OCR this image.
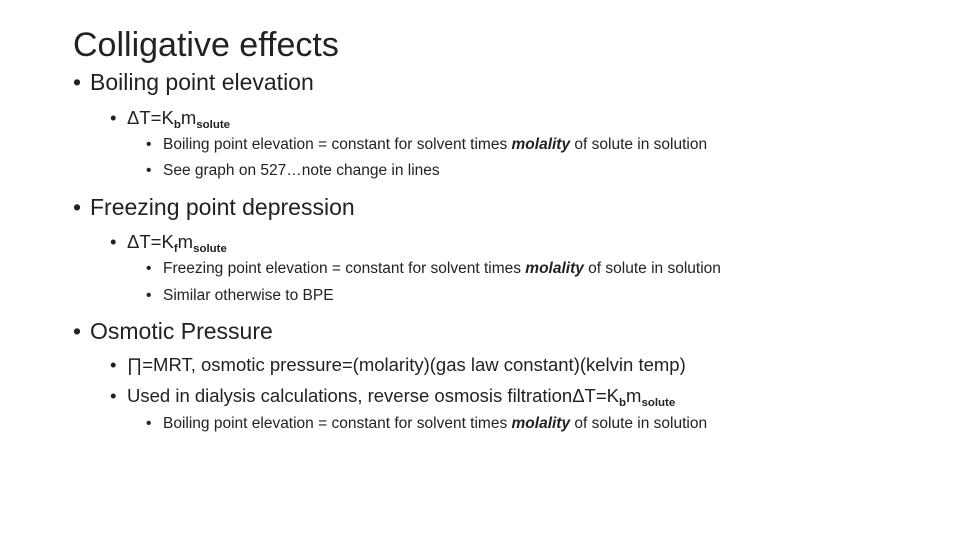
Colligative effects
• Boiling point elevation
• $\Delta T=K_bm_{solute}$
• Boiling point elevation = constant for solvent times molality of solute in solution
• See graph on 527…note change in lines
• Freezing point depression
• $\Delta T=K_fm_{solute}$
• Freezing point elevation = constant for solvent times molality of solute in solution
• Similar otherwise to BPE
• Osmotic Pressure
• ∏=MRT, osmotic pressure=(molarity)(gas law constant)(kelvin temp)
• Used in dialysis calculations, reverse osmosis $filtration\Delta T=K_bm_{solute}$
• Boiling point elevation = constant for solvent times molality of solute in solution
